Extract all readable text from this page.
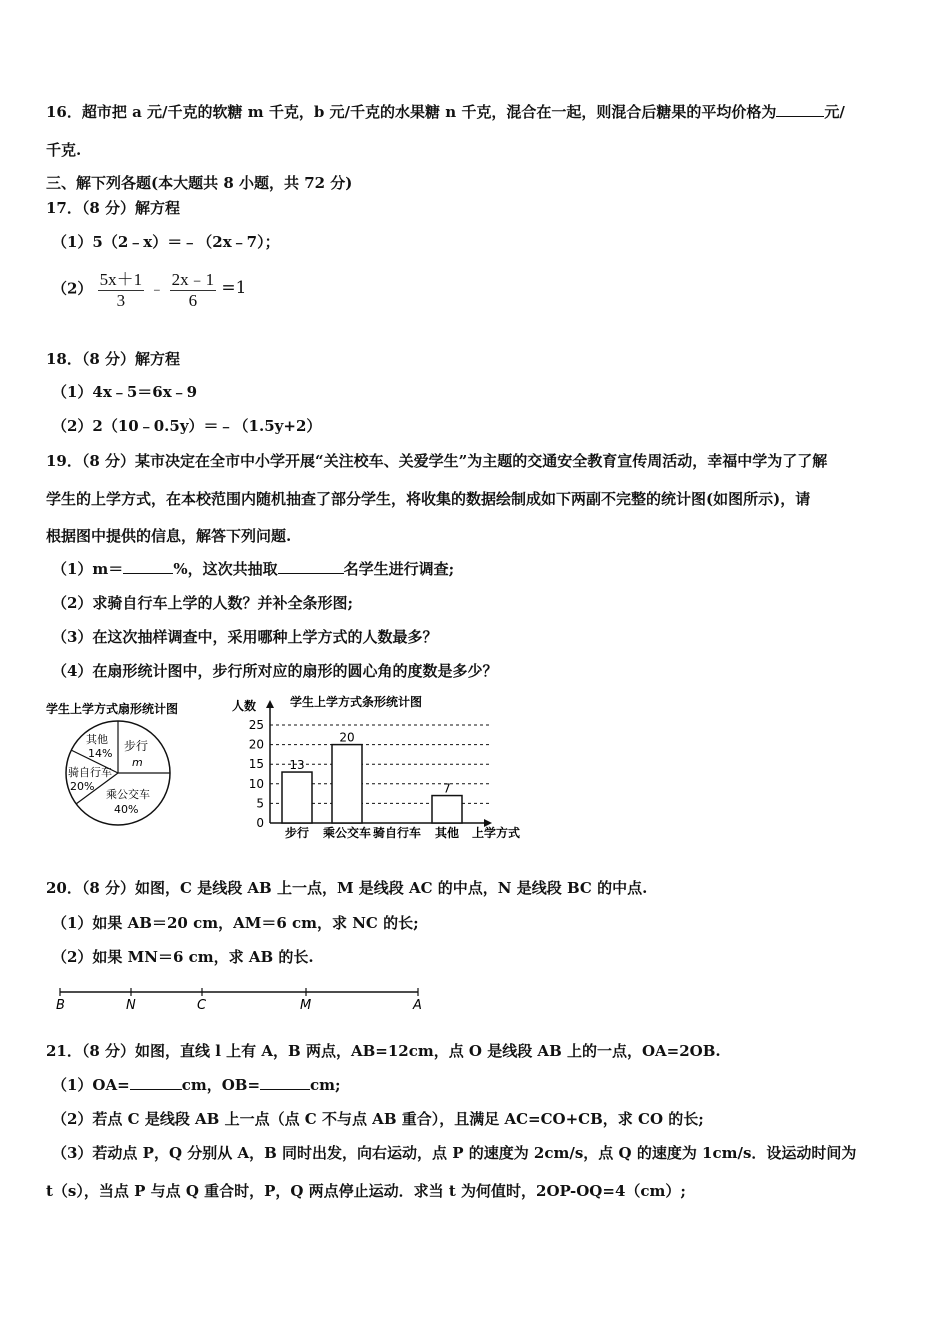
16．超市把 a 元/千克的软糖 m 千克，b 元/千克的水果糖 n 千克，混合在一起，则混合后糖果的平均价格为	元/
千克.
三、解下列各题(本大题共 8 小题，共 72 分)
17．（8 分）解方程
（1）5（2﹣x）＝﹣（2x﹣7）；
$(2) \frac{5x+1}{3}$ ﹣ $\frac{2x﹣1}{6} =1$
18．（8 分）解方程
（1）4x﹣5＝6x﹣9
（2）2（10﹣0.5y）＝﹣（1.5y+2）
19．（8 分）某市决定在全市中小学开展“关注校车、关爱学生”为主题的交通安全教育宣传周活动，幸福中学为了了解
学生的上学方式，在本校范围内随机抽查了部分学生，将收集的数据绘制成如下两副不完整的统计图(如图所示)，请
根据图中提供的信息，解答下列问题.
（1）m＝	%，这次共抽取	名学生进行调查;
（2）求骑自行车上学的人数？并补全条形图;
（3）在这次抽样调查中，采用哪种上学方式的人数最多？
（4）在扇形统计图中，步行所对应的扇形的圆心角的度数是多少？
学生上学方式扇形统计图
其他
14%
步行
m
骑自行车
20%
乘公交车
40%
学生上学方式条形统计图
人数
上学方式
0
5
10
15
20
25
13
步行
20
乘公交车 骑自行车
7
其他
20．（8 分）如图，C 是线段 AB 上一点，M 是线段 AC 的中点，N 是线段 BC 的中点.
（1）如果 AB＝20 cm，AM＝6 cm，求 NC 的长;
（2）如果 MN＝6 cm，求 AB 的长.
B	N	C	M	A
21．（8 分）如图，直线 l 上有 A，B 两点，AB=12cm，点 O 是线段 AB 上的一点，OA=2OB.
（1）OA=	cm，OB=	cm;
（2）若点 C 是线段 AB 上一点（点 C 不与点 AB 重合），且满足 AC=CO+CB，求 CO 的长;
（3）若动点 P，Q 分别从 A，B 同时出发，向右运动，点 P 的速度为 2cm/s，点 Q 的速度为 1cm/s．设运动时间为
t（s），当点 P 与点 Q 重合时，P，Q 两点停止运动．求当 t 为何值时，2OP-OQ=4（cm）;
